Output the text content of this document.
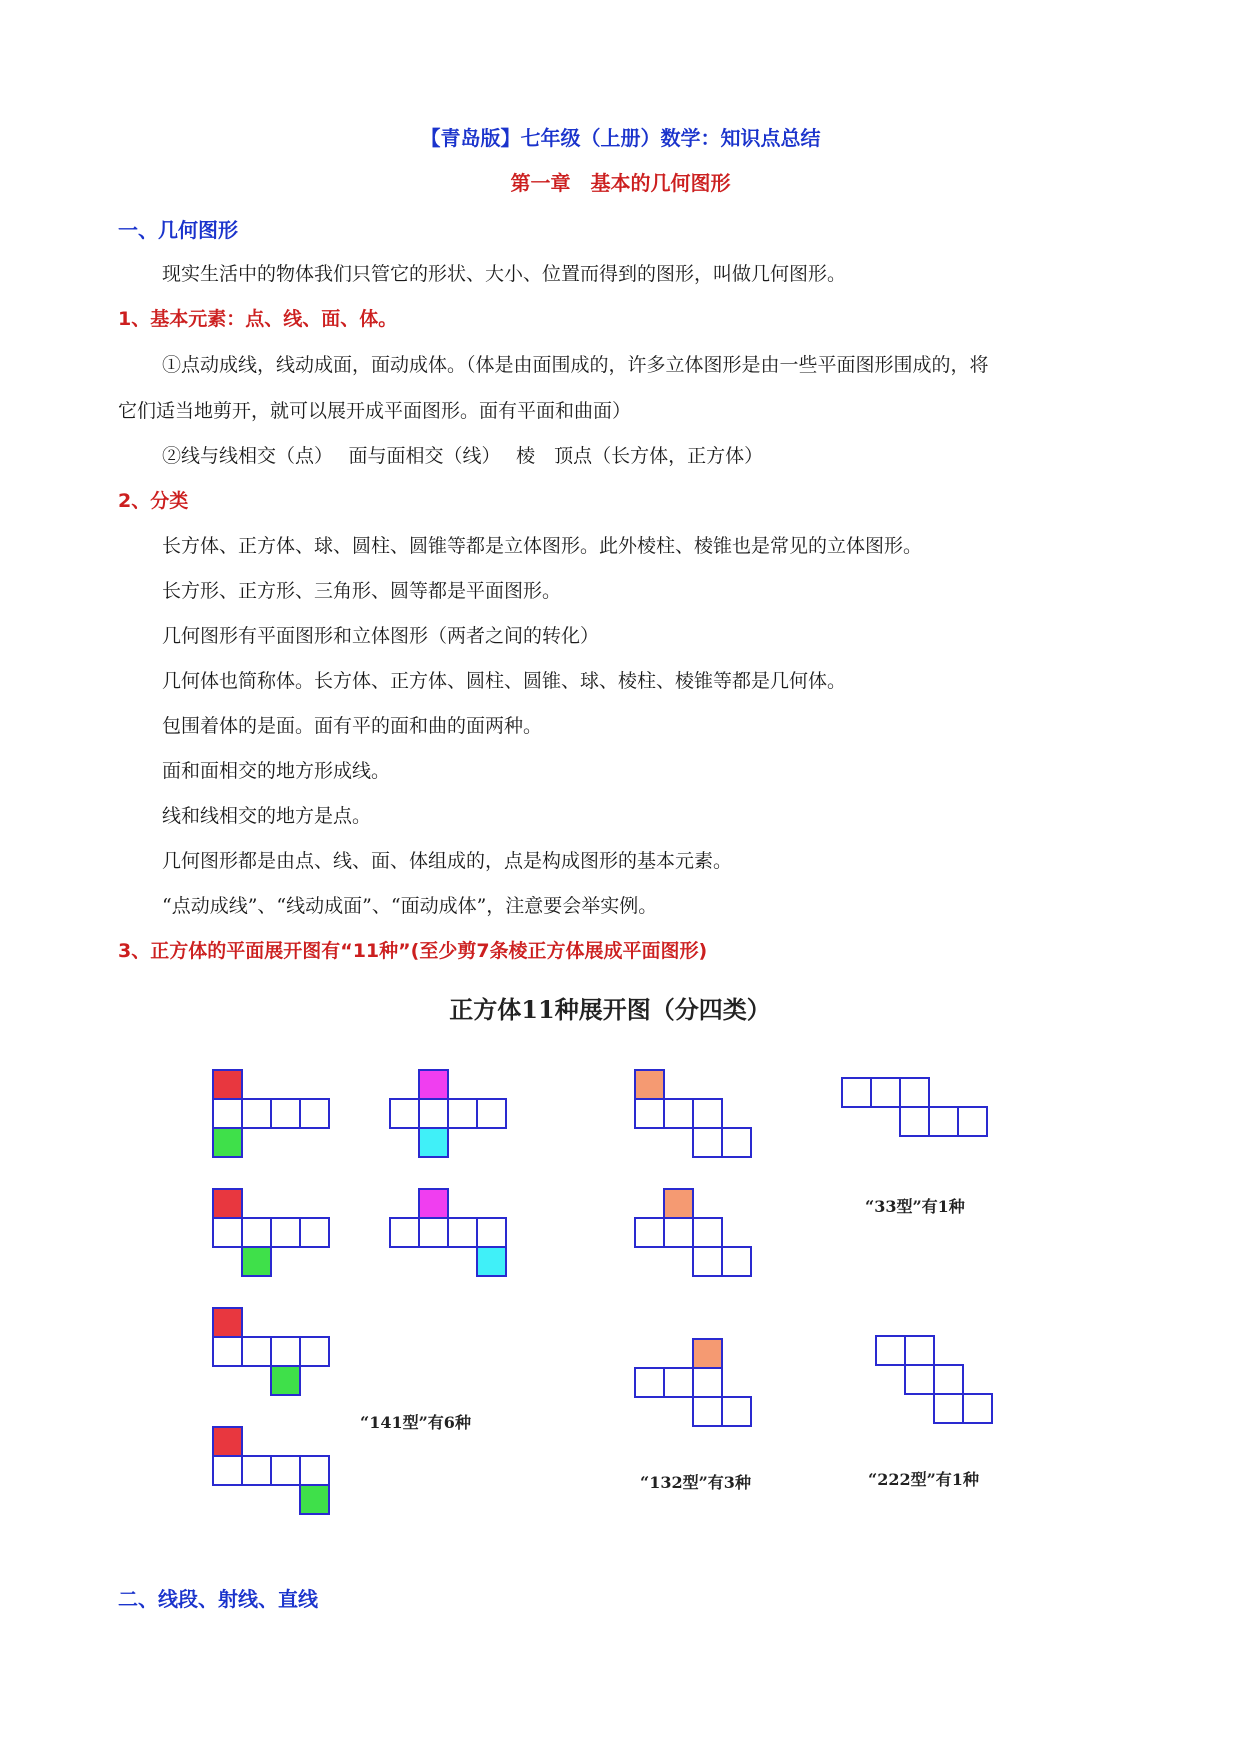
【青岛版】七年级（上册）数学：知识点总结
第一章　基本的几何图形
一、几何图形
现实生活中的物体我们只管它的形状、大小、位置而得到的图形，叫做几何图形。
1、基本元素：点、线、面、体。
①点动成线，线动成面，面动成体。（体是由面围成的，许多立体图形是由一些平面图形围成的，将
它们适当地剪开，就可以展开成平面图形。面有平面和曲面）
②线与线相交（点）　 面与面相交（线）　 棱　顶点（长方体，正方体）
2、分类
长方体、正方体、球、圆柱、圆锥等都是立体图形。此外棱柱、棱锥也是常见的立体图形。
长方形、正方形、三角形、圆等都是平面图形。
几何图形有平面图形和立体图形（两者之间的转化）
几何体也简称体。长方体、正方体、圆柱、圆锥、球、棱柱、棱锥等都是几何体。
包围着体的是面。面有平的面和曲的面两种。
面和面相交的地方形成线。
线和线相交的地方是点。
几何图形都是由点、线、面、体组成的，点是构成图形的基本元素。
“点动成线”、“线动成面”、“面动成体”，注意要会举实例。
3、正方体的平面展开图有“11种”(至少剪7条棱正方体展成平面图形)
正方体11种展开图（分四类）
“141型”有6种
“132型”有3种
“33型”有1种
“222型”有1种
二、线段、射线、直线
